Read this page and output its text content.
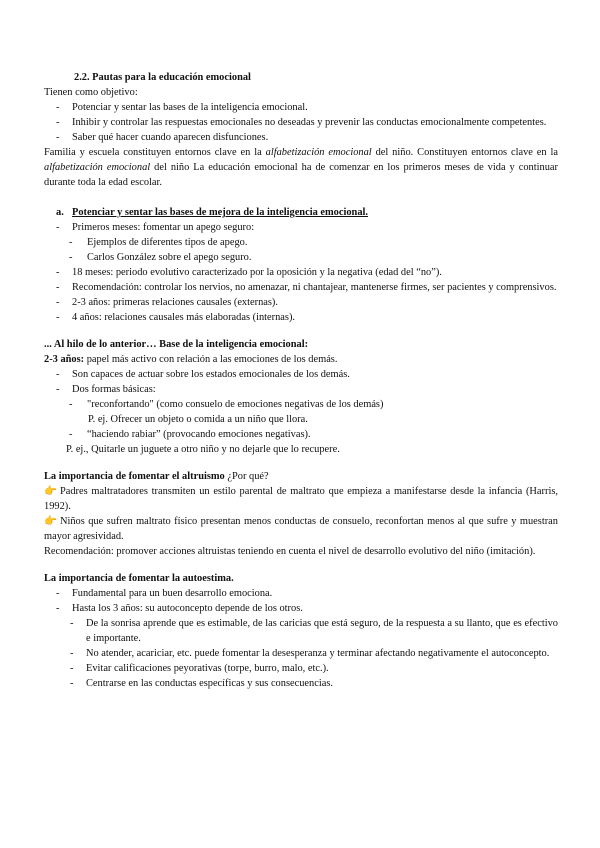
2.2. Pautas para la educación emocional
Tienen como objetivo:
- Potenciar y sentar las bases de la inteligencia emocional.
- Inhibir y controlar las respuestas emocionales no deseadas y prevenir las conductas emocionalmente competentes.
- Saber qué hacer cuando aparecen disfunciones.
Familia y escuela constituyen entornos clave en la alfabetización emocional del niño. Constituyen entornos clave en la alfabetización emocional del niño La educación emocional ha de comenzar en los primeros meses de vida y continuar durante toda la edad escolar.
a. Potenciar y sentar las bases de mejora de la inteligencia emocional.
- Primeros meses: fomentar un apego seguro:
- Ejemplos de diferentes tipos de apego.
- Carlos González sobre el apego seguro.
- 18 meses: periodo evolutivo caracterizado por la oposición y la negativa (edad del “no”).
- Recomendación: controlar los nervios, no amenazar, ni chantajear, mantenerse firmes, ser pacientes y comprensivos.
- 2-3 años: primeras relaciones causales (externas).
- 4 años: relaciones causales más elaboradas (internas).
... Al hilo de lo anterior… Base de la inteligencia emocional:
2-3 años: papel más activo con relación a las emociones de los demás.
- Son capaces de actuar sobre los estados emocionales de los demás.
- Dos formas básicas:
- "reconfortando" (como consuelo de emociones negativas de los demás)
P. ej. Ofrecer un objeto o comida a un niño que llora.
- “haciendo rabiar” (provocando emociones negativas).
P. ej., Quitarle un juguete a otro niño y no dejarle que lo recupere.
La importancia de fomentar el altruismo ¿Por qué?
👉 Padres maltratadores transmiten un estilo parental de maltrato que empieza a manifestarse desde la infancia (Harris, 1992).
👉 Niños que sufren maltrato físico presentan menos conductas de consuelo, reconfortan menos al que sufre y muestran mayor agresividad.
Recomendación: promover acciones altruistas teniendo en cuenta el nivel de desarrollo evolutivo del niño (imitación).
La importancia de fomentar la autoestima.
- Fundamental para un buen desarrollo emociona.
- Hasta los 3 años: su autoconcepto depende de los otros.
- De la sonrisa aprende que es estimable, de las caricias que está seguro, de la respuesta a su llanto, que es efectivo e importante.
- No atender, acariciar, etc. puede fomentar la desesperanza y terminar afectando negativamente el autoconcepto.
- Evitar calificaciones peyorativas (torpe, burro, malo, etc.).
- Centrarse en las conductas específicas y sus consecuencias.
